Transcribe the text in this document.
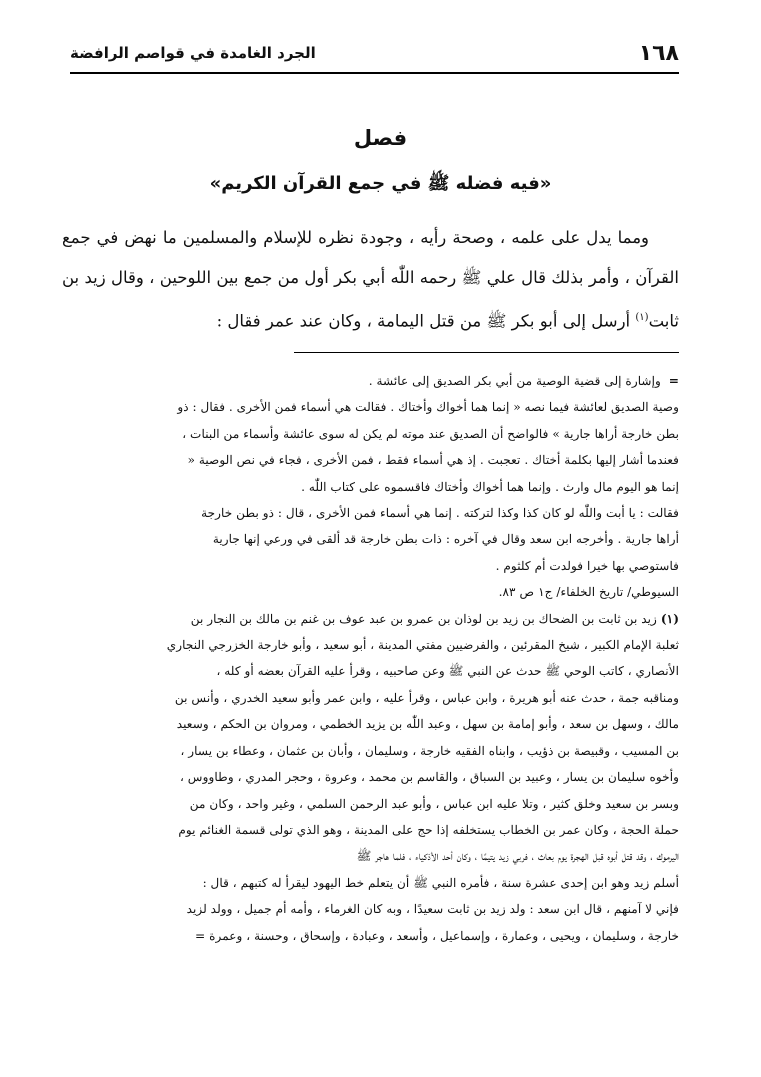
١٦٨
الجرد الغامدة في قواصم الرافضة
فصل
«فيه فضله ﷺ في جمع القرآن الكريم»

ومما يدل على علمه ، وصحة رأيه ، وجودة نظره للإسلام والمسلمين ما نهض في جمع القرآن ، وأمر بذلك قال علي ﷺ رحمه اللّٰه أبي بكر أول من جمع بين اللوحين ، وقال زيد بن ثابت$^{(١)}$ أرسل إلى أبو بكر ﷺ من قتل اليمامة ، وكان عند عمر فقال :

= وإشارة إلى قضية الوصية من أبي بكر الصديق إلى عائشة .
وصية الصديق لعائشة فيما نصه « إنما هما أخواك وأختاك . فقالت هي أسماء فمن الأخرى . فقال : ذو
بطن خارجة أراها جارية » فالواضح أن الصديق عند موته لم يكن له سوى عائشة وأسماء من البنات ،
فعندما أشار إليها بكلمة أختاك . تعجبت . إذ هي أسماء فقط ، فمن الأخرى ، فجاء في نص الوصية «
إنما هو اليوم مال وارث . وإنما هما أخواك وأختاك فاقسموه على كتاب اللّٰه .
فقالت : يا أبت واللّٰه لو كان كذا وكذا لتركته . إنما هي أسماء فمن الأخرى ، قال : ذو بطن خارجة
أراها جارية . وأخرجه ابن سعد وقال في آخره : ذات بطن خارجة قد ألقى في ورعي إنها جارية
فاستوصي بها خيرا فولدت أم كلثوم .
السيوطي/ تاريخ الخلفاء/ ج١ ص ٨٣.
(١)زيد بن ثابت بن الضحاك بن زيد بن لوذان بن عمرو بن عبد عوف بن غنم بن مالك بن النجار بن
ثعلبة الإمام الكبير ، شيخ المقرئين ، والفرضيين مفتي المدينة ، أبو سعيد ، وأبو خارجة الخزرجي النجاري
الأنصاري ، كاتب الوحي ﷺ حدث عن النبي ﷺ وعن صاحبيه ، وقرأ عليه القرآن بعضه أو كله ،
ومناقبه جمة ، حدث عنه أبو هريرة ، وابن عباس ، وقرأ عليه ، وابن عمر وأبو سعيد الخدري ، وأنس بن
مالك ، وسهل بن سعد ، وأبو إمامة بن سهل ، وعبد اللّٰه بن يزيد الخطمي ، ومروان بن الحكم ، وسعيد
بن المسيب ، وقبيصة بن ذؤيب ، وابناه الفقيه خارجة ، وسليمان ، وأبان بن عثمان ، وعطاء بن يسار ،
وأخوه سليمان بن يسار ، وعبيد بن السباق ، والقاسم بن محمد ، وعروة ، وحجر المدري ، وطاووس ،
وبسر بن سعيد وخلق كثير ، وتلا عليه ابن عباس ، وأبو عبد الرحمن السلمي ، وغير واحد ، وكان من
حملة الحجة ، وكان عمر بن الخطاب يستخلفه إذا حج على المدينة ، وهو الذي تولى قسمة الغنائم يوم
اليرموك ، وقد قتل أبوه قبل الهجرة يوم بعاث ، فربي زيد يتيمًا ، وكان أحد الأذكياء ، فلما هاجر ﷺ
أسلم زيد وهو ابن إحدى عشرة سنة ، فأمره النبي ﷺ أن يتعلم خط اليهود ليقرأ له كتبهم ، قال :
فإني لا آمنهم ، قال ابن سعد : ولد زيد بن ثابت سعيدًا ، وبه كان الغرماء ، وأمه أم جميل ، وولد لزيد
خارجة ، وسليمان ، ويحيى ، وعمارة ، وإسماعيل ، وأسعد ، وعبادة ، وإسحاق ، وحسنة ، وعمرة =
